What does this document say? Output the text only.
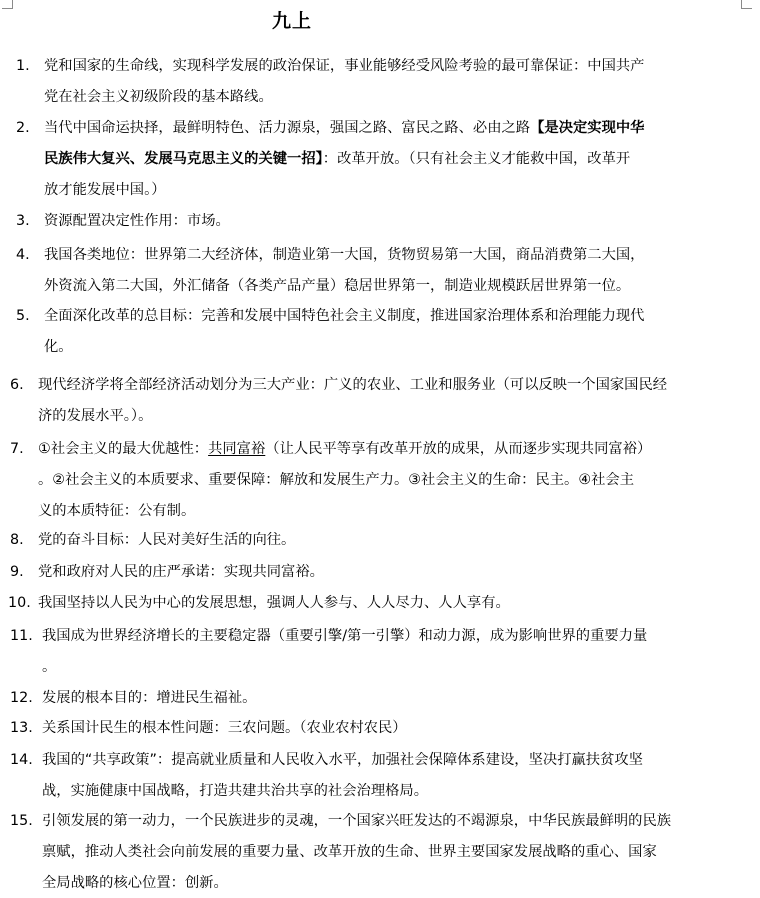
九上
1. 党和国家的生命线，实现科学发展的政治保证，事业能够经受风险考验的最可靠保证：中国共产
党在社会主义初级阶段的基本路线。
2. 当代中国命运抉择，最鲜明特色、活力源泉，强国之路、富民之路、必由之路【是决定实现中华
民族伟大复兴、发展马克思主义的关键一招】：改革开放。（只有社会主义才能救中国，改革开
放才能发展中国。）
3. 资源配置决定性作用：市场。
4. 我国各类地位：世界第二大经济体，制造业第一大国，货物贸易第一大国，商品消费第二大国，
外资流入第二大国，外汇储备（各类产品产量）稳居世界第一，制造业规模跃居世界第一位。
5. 全面深化改革的总目标：完善和发展中国特色社会主义制度，推进国家治理体系和治理能力现代
化。
6. 现代经济学将全部经济活动划分为三大产业：广义的农业、工业和服务业（可以反映一个国家国民经
济的发展水平。）。
7. ①社会主义的最大优越性：共同富裕（让人民平等享有改革开放的成果，从而逐步实现共同富裕）
。②社会主义的本质要求、重要保障：解放和发展生产力。③社会主义的生命：民主。④社会主
义的本质特征：公有制。
8. 党的奋斗目标：人民对美好生活的向往。
9. 党和政府对人民的庄严承诺：实现共同富裕。
10. 我国坚持以人民为中心的发展思想，强调人人参与、人人尽力、人人享有。
11. 我国成为世界经济增长的主要稳定器（重要引擎/第一引擎）和动力源，成为影响世界的重要力量
。
12. 发展的根本目的：增进民生福祉。
13. 关系国计民生的根本性问题：三农问题。（农业农村农民）
14. 我国的“共享政策”：提高就业质量和人民收入水平，加强社会保障体系建设，坚决打赢扶贫攻坚
战，实施健康中国战略，打造共建共治共享的社会治理格局。
15. 引领发展的第一动力，一个民族进步的灵魂，一个国家兴旺发达的不竭源泉，中华民族最鲜明的民族
禀赋，推动人类社会向前发展的重要力量、改革开放的生命、世界主要国家发展战略的重心、国家
全局战略的核心位置：创新。
